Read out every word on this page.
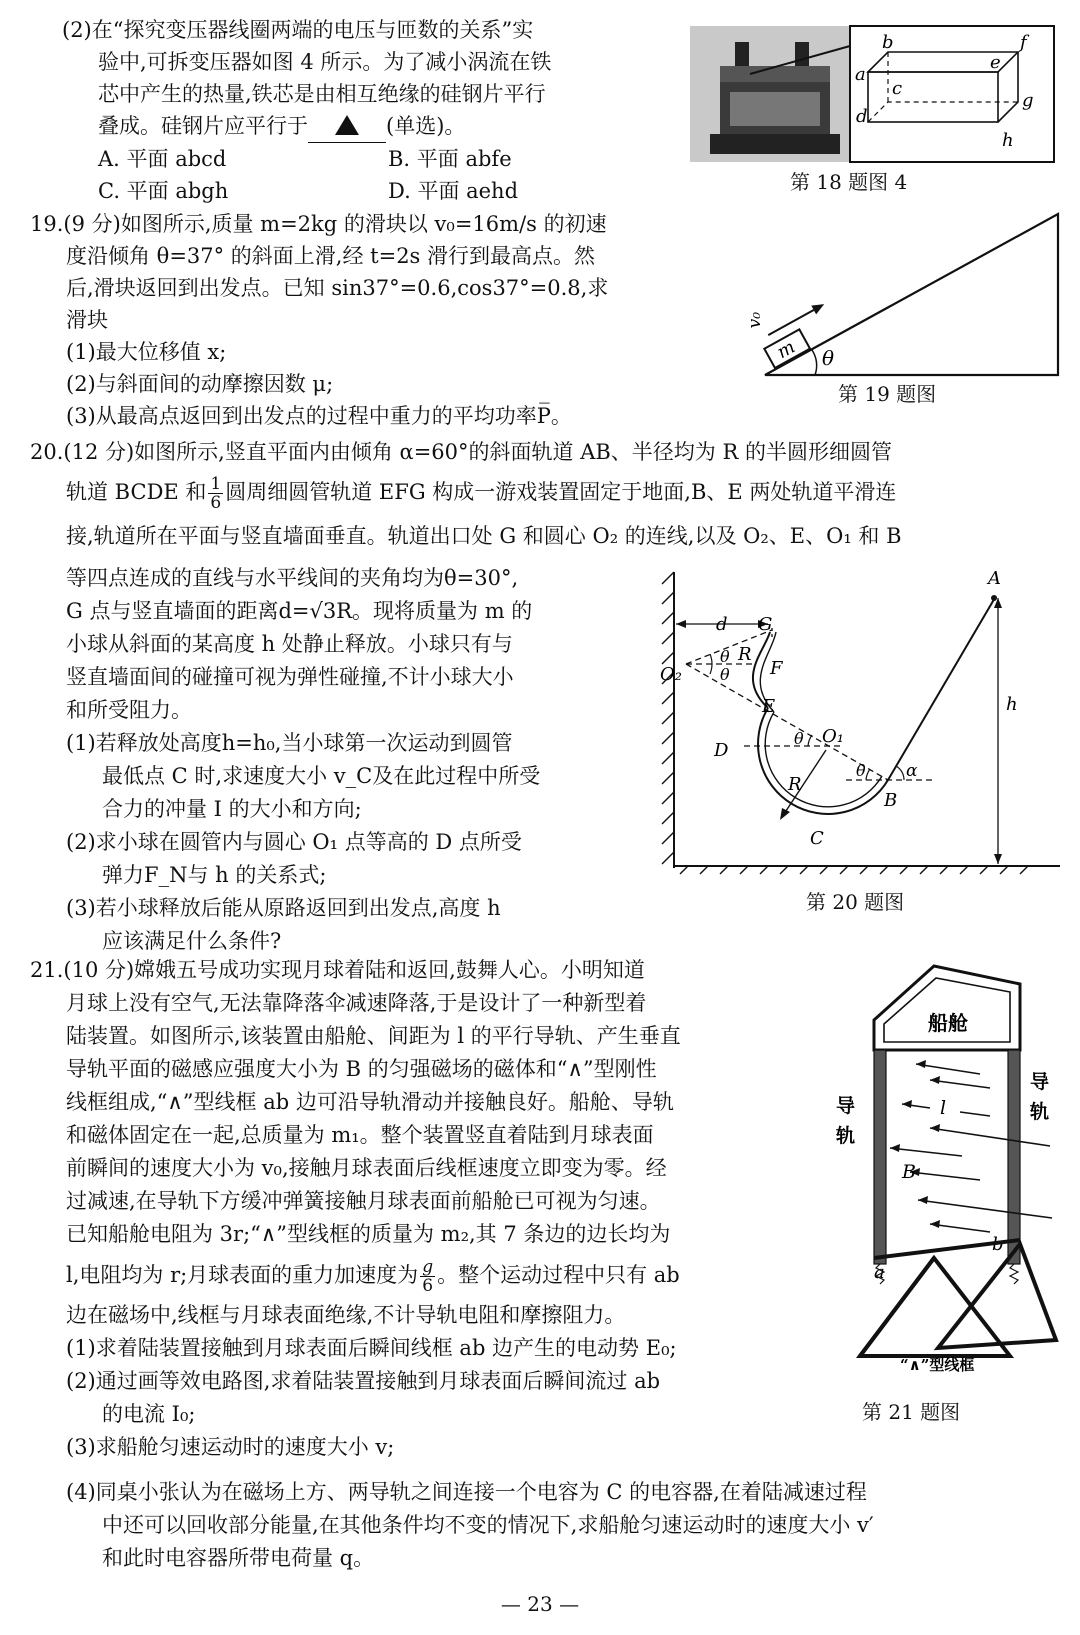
(2)在“探究变压器线圈两端的电压与匝数的关系”实

验中,可拆变压器如图 4 所示。为了减小涡流在铁

芯中产生的热量,铁芯是由相互绝缘的硅钢片平行

叠成。硅钢片应平行于	(单选)。

A. 平面 abcd	B. 平面 abfe

C. 平面 abgh	D. 平面 aehd

a
b
c
d
e
f
g
h
第 18 题图 4

19.(9 分)如图所示,质量 m=2kg 的滑块以 v₀=16m/s 的初速

度沿倾角 θ=37° 的斜面上滑,经 t=2s 滑行到最高点。然

后,滑块返回到出发点。已知 sin37°=0.6,cos37°=0.8,求

滑块

(1)最大位移值 x;

(2)与斜面间的动摩擦因数 μ;

(3)从最高点返回到出发点的过程中重力的平均功率P̅。

m
v₀
θ
第 19 题图

20.(12 分)如图所示,竖直平面内由倾角 α=60°的斜面轨道 AB、半径均为 R 的半圆形细圆管

轨道 BCDE 和 $\frac{1}{6}$ 圆周细圆管轨道 EFG 构成一游戏装置固定于地面,B、E 两处轨道平滑连

接,轨道所在平面与竖直墙面垂直。轨道出口处 G 和圆心 O₂ 的连线,以及 O₂、E、O₁ 和 B

等四点连成的直线与水平线间的夹角均为θ=30°,

G 点与竖直墙面的距离d=√3R。现将质量为 m 的

小球从斜面的某高度 h 处静止释放。小球只有与

竖直墙面间的碰撞可视为弹性碰撞,不计小球大小

和所受阻力。

(1)若释放处高度h=h₀,当小球第一次运动到圆管

最低点 C 时,求速度大小 v_C及在此过程中所受

合力的冲量 I 的大小和方向;

(2)求小球在圆管内与圆心 O₁ 点等高的 D 点所受

弹力F_N与 h 的关系式;

(3)若小球释放后能从原路返回到出发点,高度 h

应该满足什么条件?

A
B
C
D
E
F
G
O₁
O₂
R
R
d
h
θ
θ
θ
θ α
第 20 题图

21.(10 分)嫦娥五号成功实现月球着陆和返回,鼓舞人心。小明知道

月球上没有空气,无法靠降落伞减速降落,于是设计了一种新型着

陆装置。如图所示,该装置由船舱、间距为 l 的平行导轨、产生垂直

导轨平面的磁感应强度大小为 B 的匀强磁场的磁体和“∧”型刚性

线框组成,“∧”型线框 ab 边可沿导轨滑动并接触良好。船舱、导轨

和磁体固定在一起,总质量为 m₁。整个装置竖直着陆到月球表面

前瞬间的速度大小为 v₀,接触月球表面后线框速度立即变为零。经

过减速,在导轨下方缓冲弹簧接触月球表面前船舱已可视为匀速。

已知船舱电阻为 3r;“∧”型线框的质量为 m₂,其 7 条边的边长均为

l,电阻均为 r;月球表面的重力加速度为 $\frac{g}{6}$ 。整个运动过程中只有 ab

边在磁场中,线框与月球表面绝缘,不计导轨电阻和摩擦阻力。

(1)求着陆装置接触到月球表面后瞬间线框 ab 边产生的电动势 E₀;

(2)通过画等效电路图,求着陆装置接触到月球表面后瞬间流过 ab

的电流 I₀;

(3)求船舱匀速运动时的速度大小 v;

(4)同桌小张认为在磁场上方、两导轨之间连接一个电容为 C 的电容器,在着陆减速过程

中还可以回收部分能量,在其他条件均不变的情况下,求船舱匀速运动时的速度大小 v′

和此时电容器所带电荷量 q。

船舱
导
轨
导
轨
l
B
a
b
“∧”型线框
第 21 题图
— 23 —
